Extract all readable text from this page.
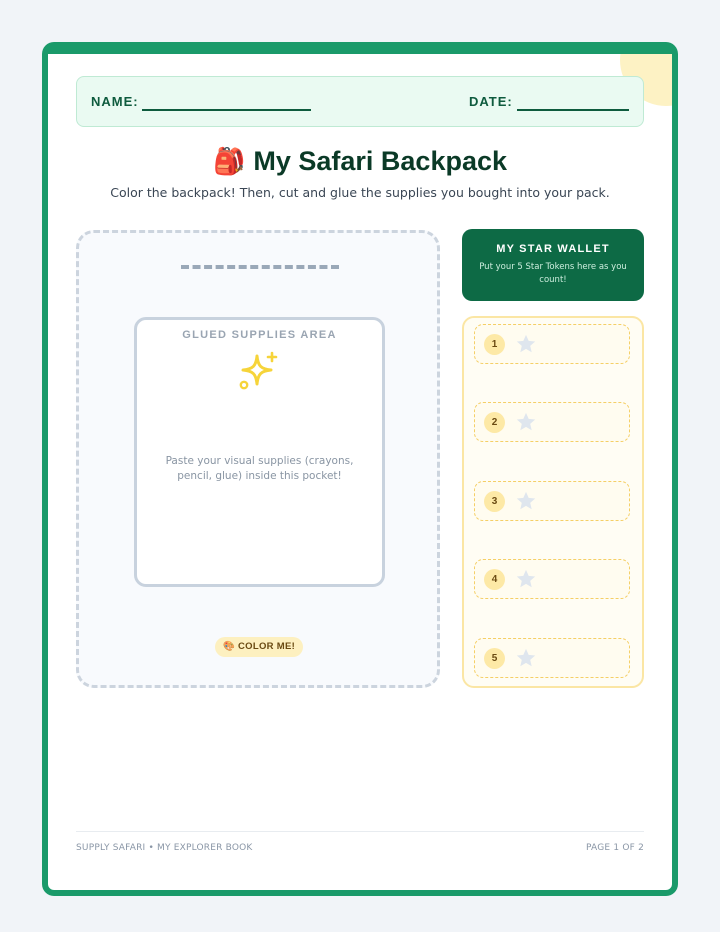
NAME:	DATE:
🎒 My Safari Backpack
Color the backpack! Then, cut and glue the supplies you bought into your pack.
GLUED SUPPLIES AREA
Paste your visual supplies (crayons, pencil, glue) inside this pocket!
🎨 COLOR ME!
MY STAR WALLET
Put your 5 Star Tokens here as you count!
1
2
3
4
5
SUPPLY SAFARI • MY EXPLORER BOOK	PAGE 1 OF 2
